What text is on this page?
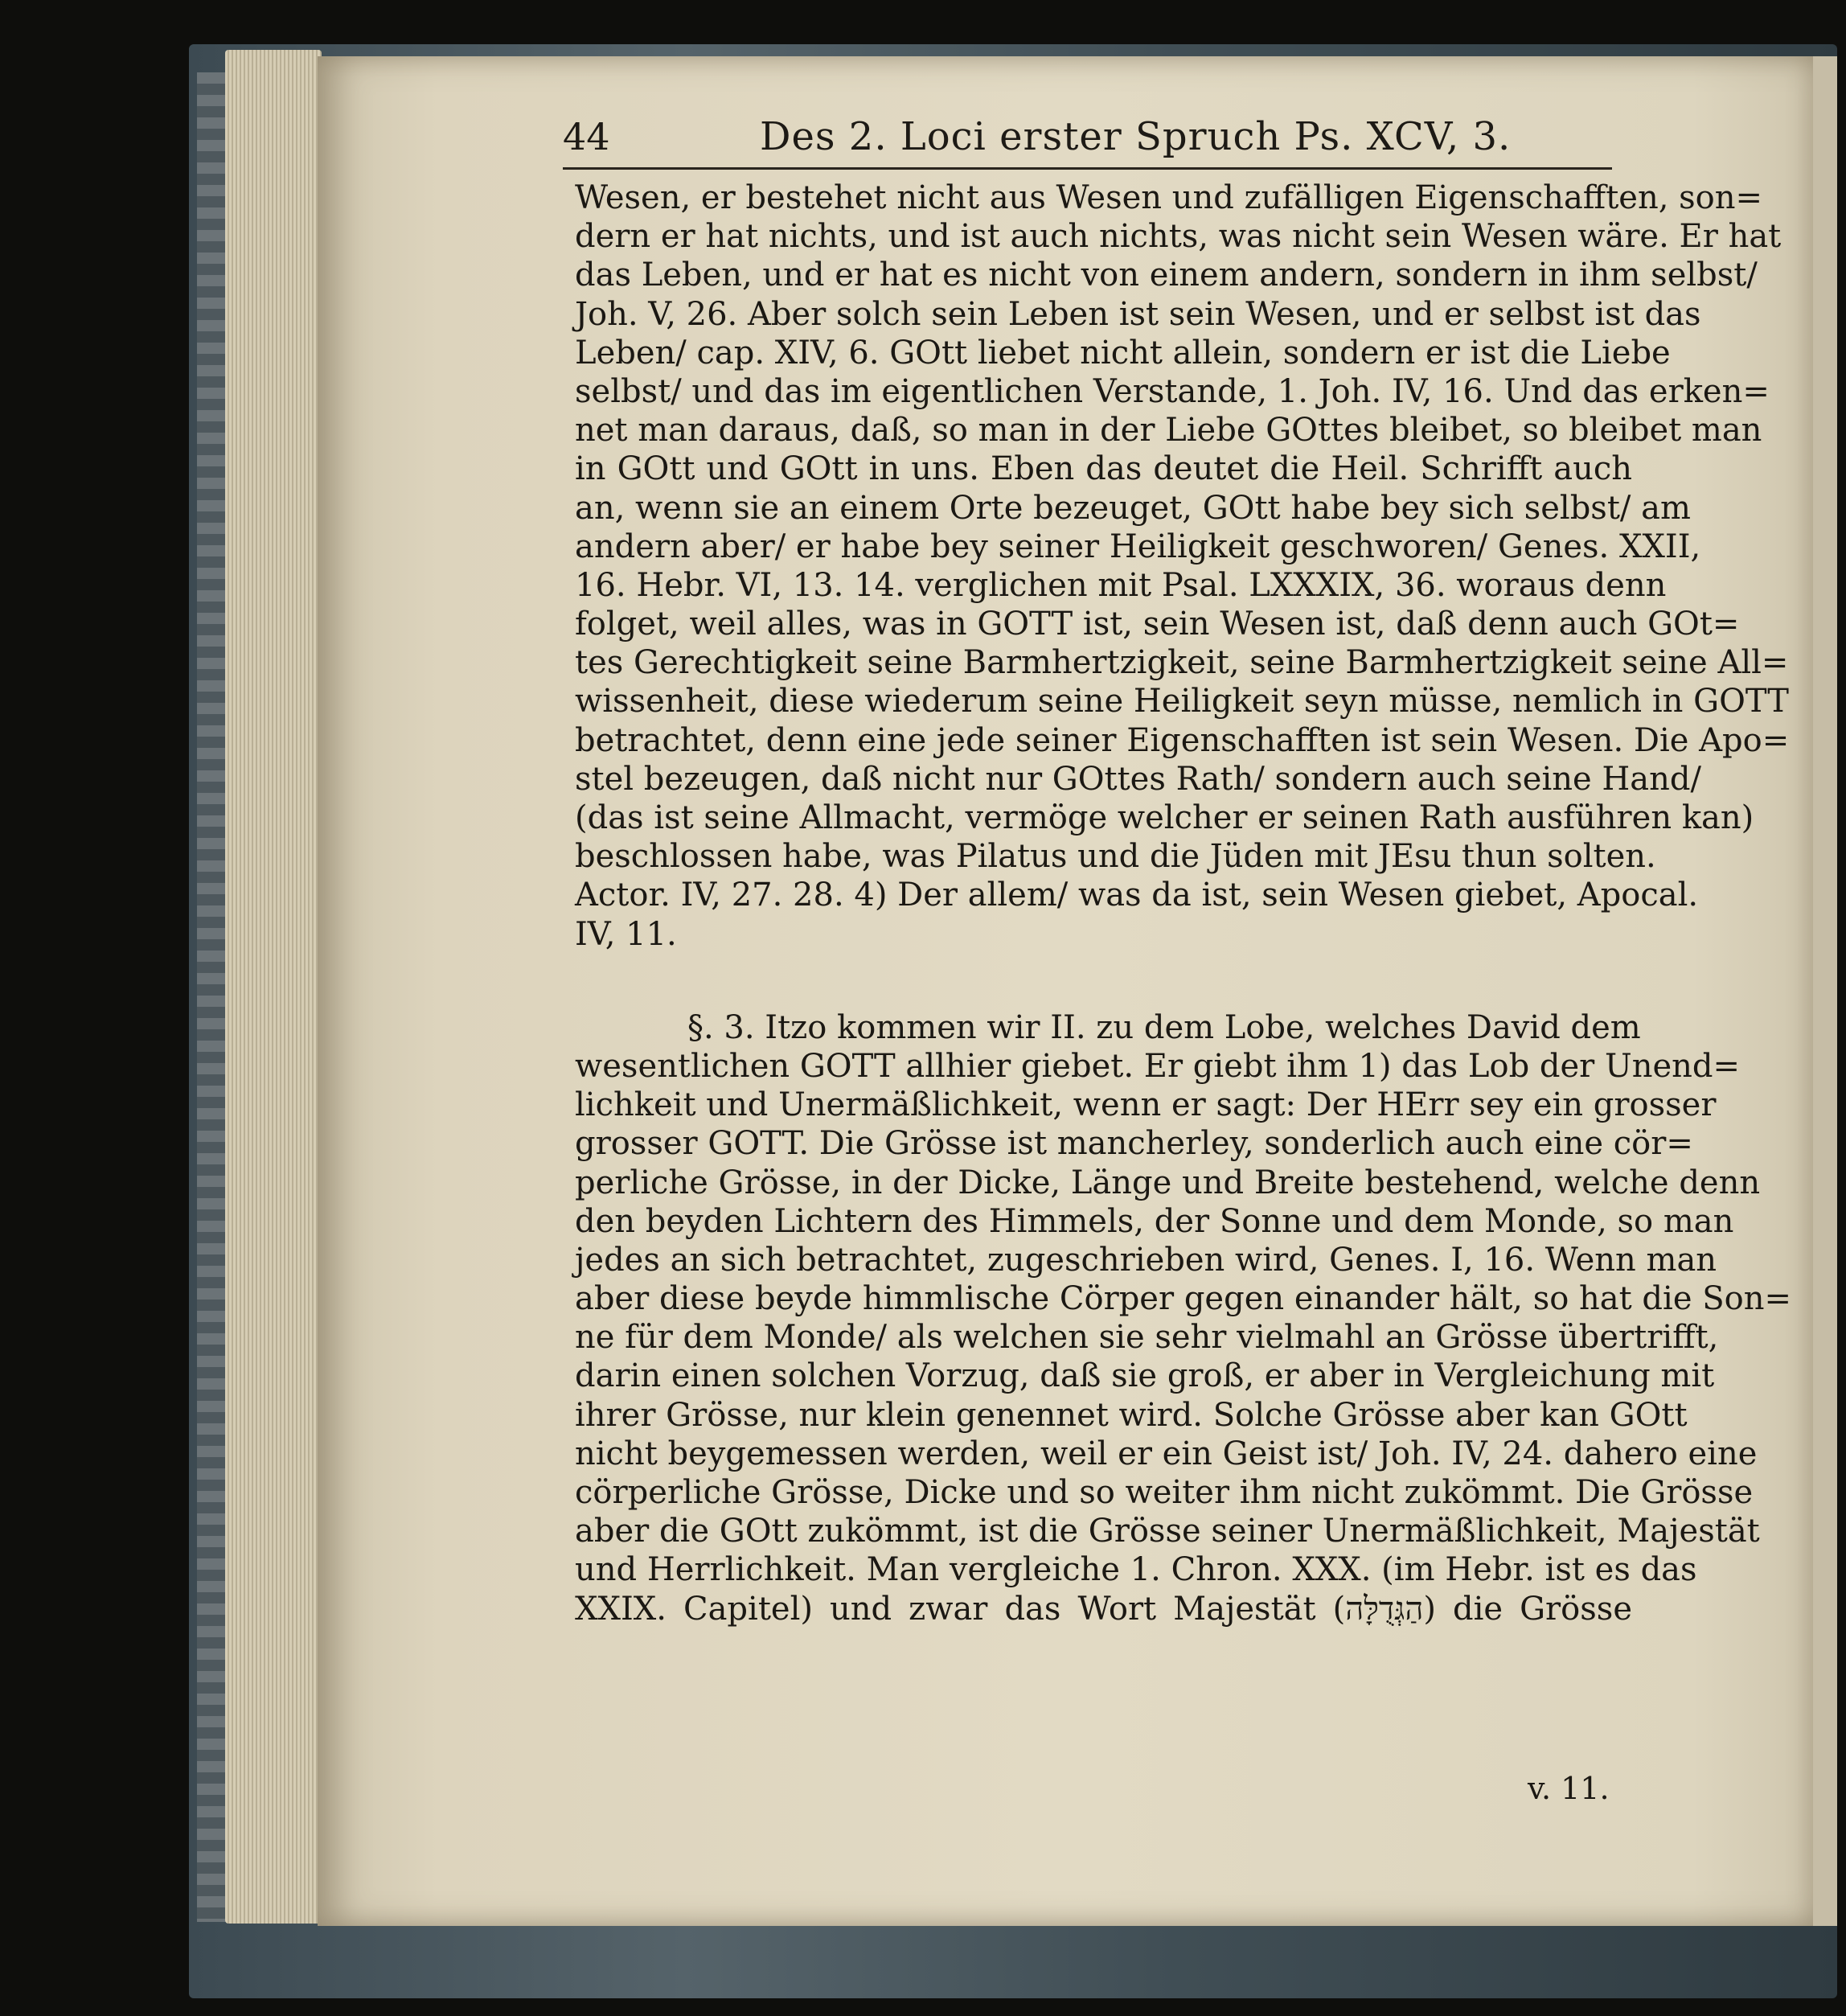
44	Des 2. Loci erster Spruch Ps. XCV, 3.
Wesen, er bestehet nicht aus Wesen und zufälligen Eigenschafften, son=
dern er hat nichts, und ist auch nichts, was nicht sein Wesen wäre. Er hat
das Leben, und er hat es nicht von einem andern, sondern in ihm selbst/
Joh. V, 26. Aber solch sein Leben ist sein Wesen, und er selbst ist das
Leben/ cap. XIV, 6. GOtt liebet nicht allein, sondern er ist die Liebe
selbst/ und das im eigentlichen Verstande, 1. Joh. IV, 16. Und das erken=
net man daraus, daß, so man in der Liebe GOttes bleibet, so bleibet man
in GOtt und GOtt in uns. Eben das deutet die Heil. Schrifft auch
an, wenn sie an einem Orte bezeuget, GOtt habe bey sich selbst/ am
andern aber/ er habe bey seiner Heiligkeit geschworen/ Genes. XXII,
16. Hebr. VI, 13. 14. verglichen mit Psal. LXXXIX, 36. woraus denn
folget, weil alles, was in GOTT ist, sein Wesen ist, daß denn auch GOt=
tes Gerechtigkeit seine Barmhertzigkeit, seine Barmhertzigkeit seine All=
wissenheit, diese wiederum seine Heiligkeit seyn müsse, nemlich in GOTT
betrachtet, denn eine jede seiner Eigenschafften ist sein Wesen. Die Apo=
stel bezeugen, daß nicht nur GOttes Rath/ sondern auch seine Hand/
(das ist seine Allmacht, vermöge welcher er seinen Rath ausführen kan)
beschlossen habe, was Pilatus und die Jüden mit JEsu thun solten.
Actor. IV, 27. 28. 4) Der allem/ was da ist, sein Wesen giebet, Apocal.
IV, 11.
§. 3. Itzo kommen wir II. zu dem Lobe, welches David dem
wesentlichen GOTT allhier giebet. Er giebt ihm 1) das Lob der Unend=
lichkeit und Unermäßlichkeit, wenn er sagt: Der HErr sey ein grosser
grosser GOTT. Die Grösse ist mancherley, sonderlich auch eine cör=
perliche Grösse, in der Dicke, Länge und Breite bestehend, welche denn
den beyden Lichtern des Himmels, der Sonne und dem Monde, so man
jedes an sich betrachtet, zugeschrieben wird, Genes. I, 16. Wenn man
aber diese beyde himmlische Cörper gegen einander hält, so hat die Son=
ne für dem Monde/ als welchen sie sehr vielmahl an Grösse übertrifft,
darin einen solchen Vorzug, daß sie groß, er aber in Vergleichung mit
ihrer Grösse, nur klein genennet wird. Solche Grösse aber kan GOtt
nicht beygemessen werden, weil er ein Geist ist/ Joh. IV, 24. dahero eine
cörperliche Grösse, Dicke und so weiter ihm nicht zukömmt. Die Grösse
aber die GOtt zukömmt, ist die Grösse seiner Unermäßlichkeit, Majestät
und Herrlichkeit. Man vergleiche 1. Chron. XXX. (im Hebr. ist es das
XXIX. Capitel) und zwar das Wort Majestät (הַגְּדֻלָּה) die Grösse
v. 11.
